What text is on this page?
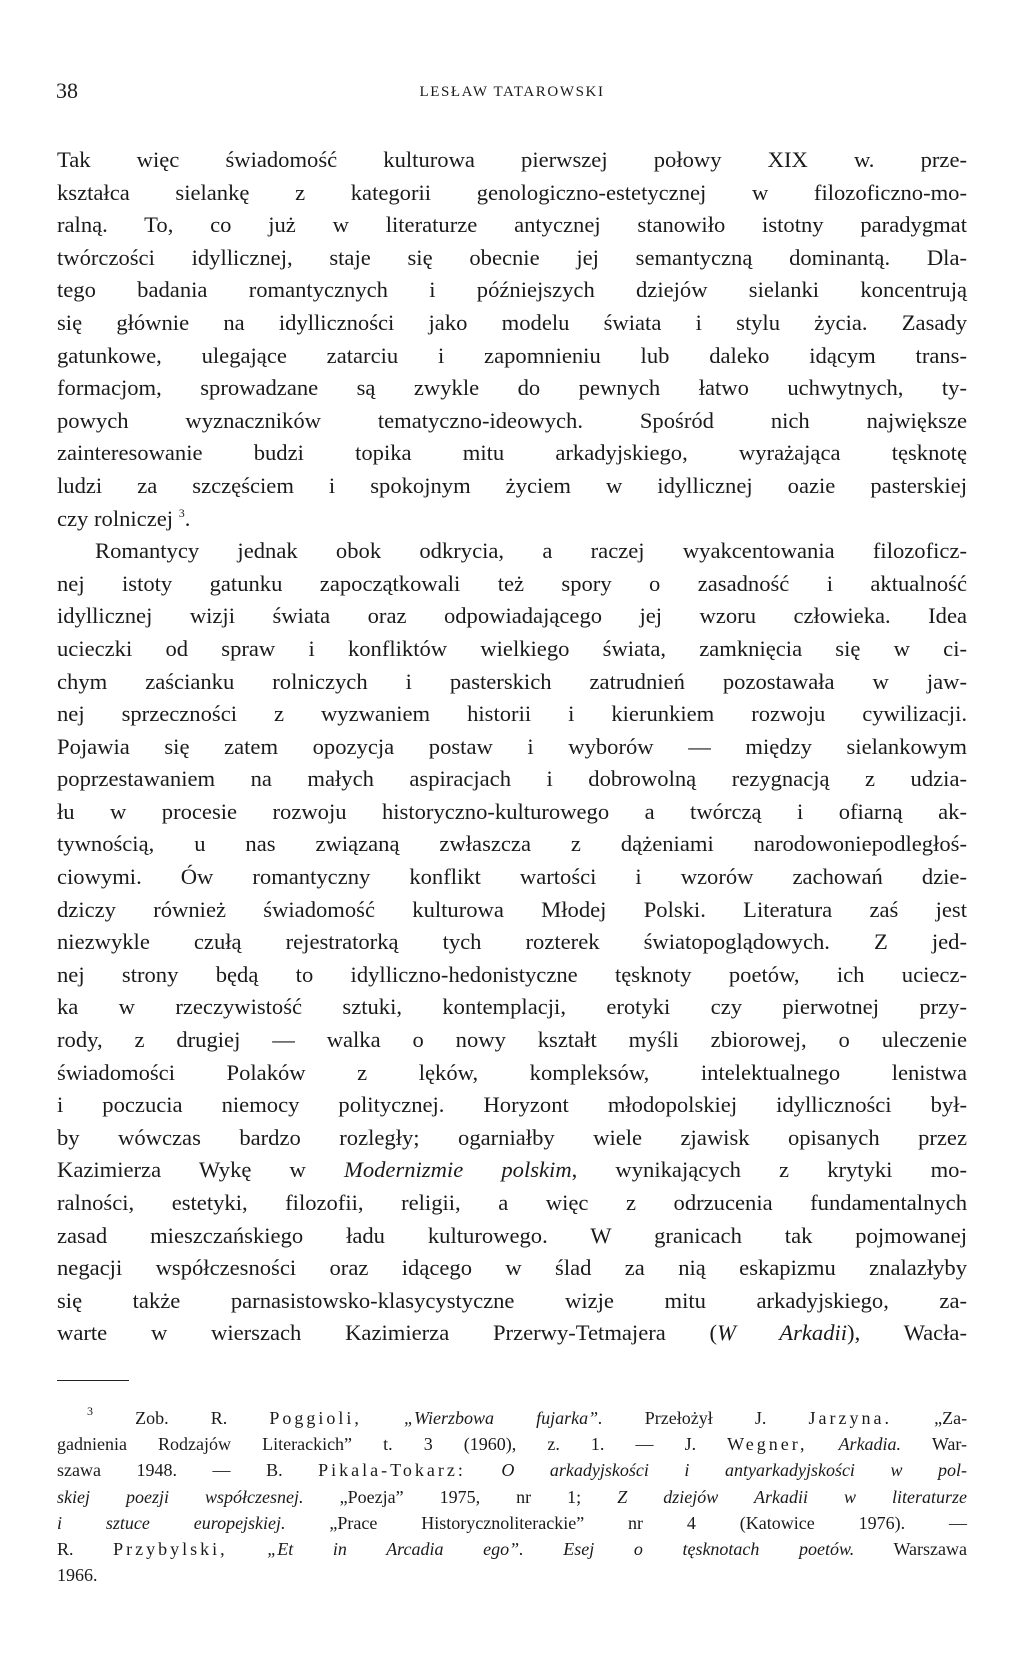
38	LESŁAW TATAROWSKI
Tak więc świadomość kulturowa pierwszej połowy XIX w. prze-
kształca sielankę z kategorii genologiczno-estetycznej w filozoficzno-mo-
ralną. To, co już w literaturze antycznej stanowiło istotny paradygmat
twórczości idyllicznej, staje się obecnie jej semantyczną dominantą. Dla-
tego badania romantycznych i późniejszych dziejów sielanki koncentrują
się głównie na idylliczności jako modelu świata i stylu życia. Zasady
gatunkowe, ulegające zatarciu i zapomnieniu lub daleko idącym trans-
formacjom, sprowadzane są zwykle do pewnych łatwo uchwytnych, ty-
powych wyznaczników tematyczno-ideowych. Spośród nich największe
zainteresowanie budzi topika mitu arkadyjskiego, wyrażająca tęsknotę
ludzi za szczęściem i spokojnym życiem w idyllicznej oazie pasterskiej
czy rolniczej $^3$.
Romantycy jednak obok odkrycia, a raczej wyakcentowania filozoficz-
nej istoty gatunku zapoczątkowali też spory o zasadność i aktualność
idyllicznej wizji świata oraz odpowiadającego jej wzoru człowieka. Idea
ucieczki od spraw i konfliktów wielkiego świata, zamknięcia się w ci-
chym zaścianku rolniczych i pasterskich zatrudnień pozostawała w jaw-
nej sprzeczności z wyzwaniem historii i kierunkiem rozwoju cywilizacji.
Pojawia się zatem opozycja postaw i wyborów — między sielankowym
poprzestawaniem na małych aspiracjach i dobrowolną rezygnacją z udzia-
łu w procesie rozwoju historyczno-kulturowego a twórczą i ofiarną ak-
tywnością, u nas związaną zwłaszcza z dążeniami narodowoniepodległoś-
ciowymi. Ów romantyczny konflikt wartości i wzorów zachowań dzie-
dziczy również świadomość kulturowa Młodej Polski. Literatura zaś jest
niezwykle czułą rejestratorką tych rozterek światopoglądowych. Z jed-
nej strony będą to idylliczno-hedonistyczne tęsknoty poetów, ich uciecz-
ka w rzeczywistość sztuki, kontemplacji, erotyki czy pierwotnej przy-
rody, z drugiej — walka o nowy kształt myśli zbiorowej, o uleczenie
świadomości Polaków z lęków, kompleksów, intelektualnego lenistwa
i poczucia niemocy politycznej. Horyzont młodopolskiej idylliczności był-
by wówczas bardzo rozległy; ogarniałby wiele zjawisk opisanych przez
Kazimierza Wykę w Modernizmie polskim, wynikających z krytyki mo-
ralności, estetyki, filozofii, religii, a więc z odrzucenia fundamentalnych
zasad mieszczańskiego ładu kulturowego. W granicach tak pojmowanej
negacji współczesności oraz idącego w ślad za nią eskapizmu znalazłyby
się także parnasistowsko-klasycystyczne wizje mitu arkadyjskiego, za-
warte w wierszach Kazimierza Przerwy-Tetmajera (W Arkadii), Wacła-
$^3$ Zob. R. Poggioli, „Wierzbowa fujarka”. Przełożył J. Jarzyna. „Za-
gadnienia Rodzajów Literackich” t. 3 (1960), z. 1. — J. Wegner, Arkadia. War-
szawa 1948. — B. Pikala-Tokarz: O arkadyjskości i antyarkadyjskości w pol-
skiej poezji współczesnej. „Poezja” 1975, nr 1; Z dziejów Arkadii w literaturze
i sztuce europejskiej. „Prace Historycznoliterackie” nr 4 (Katowice 1976). —
R. Przybylski, „Et in Arcadia ego”. Esej o tęsknotach poetów. Warszawa
1966.
